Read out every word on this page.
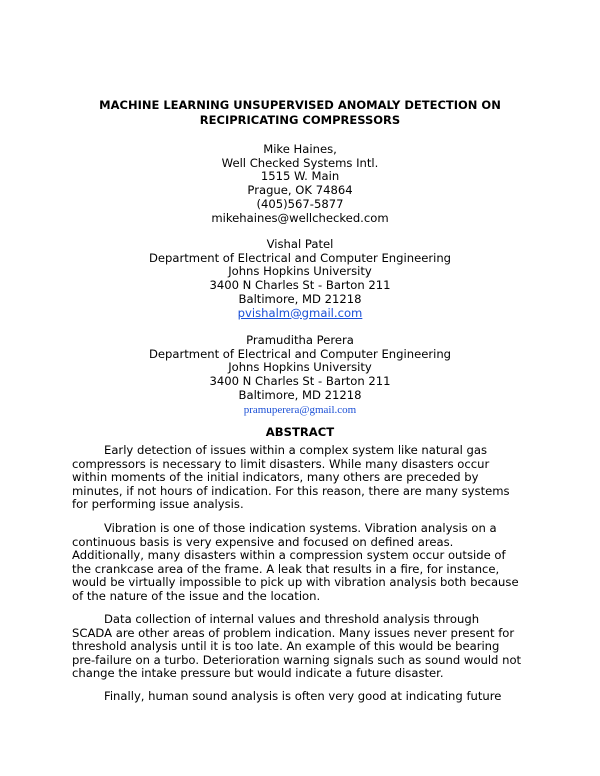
MACHINE LEARNING UNSUPERVISED ANOMALY DETECTION ON
RECIPRICATING COMPRESSORS
Mike Haines,
Well Checked Systems Intl.
1515 W. Main
Prague, OK 74864
(405)567-5877
mikehaines@wellchecked.com
Vishal Patel
Department of Electrical and Computer Engineering
Johns Hopkins University
3400 N Charles St - Barton 211
Baltimore, MD 21218
pvishalm@gmail.com
Pramuditha Perera
Department of Electrical and Computer Engineering
Johns Hopkins University
3400 N Charles St - Barton 211
Baltimore, MD 21218
pramuperera@gmail.com
ABSTRACT
Early detection of issues within a complex system like natural gas
compressors is necessary to limit disasters. While many disasters occur
within moments of the initial indicators, many others are preceded by
minutes, if not hours of indication. For this reason, there are many systems
for performing issue analysis.
Vibration is one of those indication systems. Vibration analysis on a
continuous basis is very expensive and focused on defined areas.
Additionally, many disasters within a compression system occur outside of
the crankcase area of the frame. A leak that results in a fire, for instance,
would be virtually impossible to pick up with vibration analysis both because
of the nature of the issue and the location.
Data collection of internal values and threshold analysis through
SCADA are other areas of problem indication. Many issues never present for
threshold analysis until it is too late. An example of this would be bearing
pre-failure on a turbo. Deterioration warning signals such as sound would not
change the intake pressure but would indicate a future disaster.
Finally, human sound analysis is often very good at indicating future
